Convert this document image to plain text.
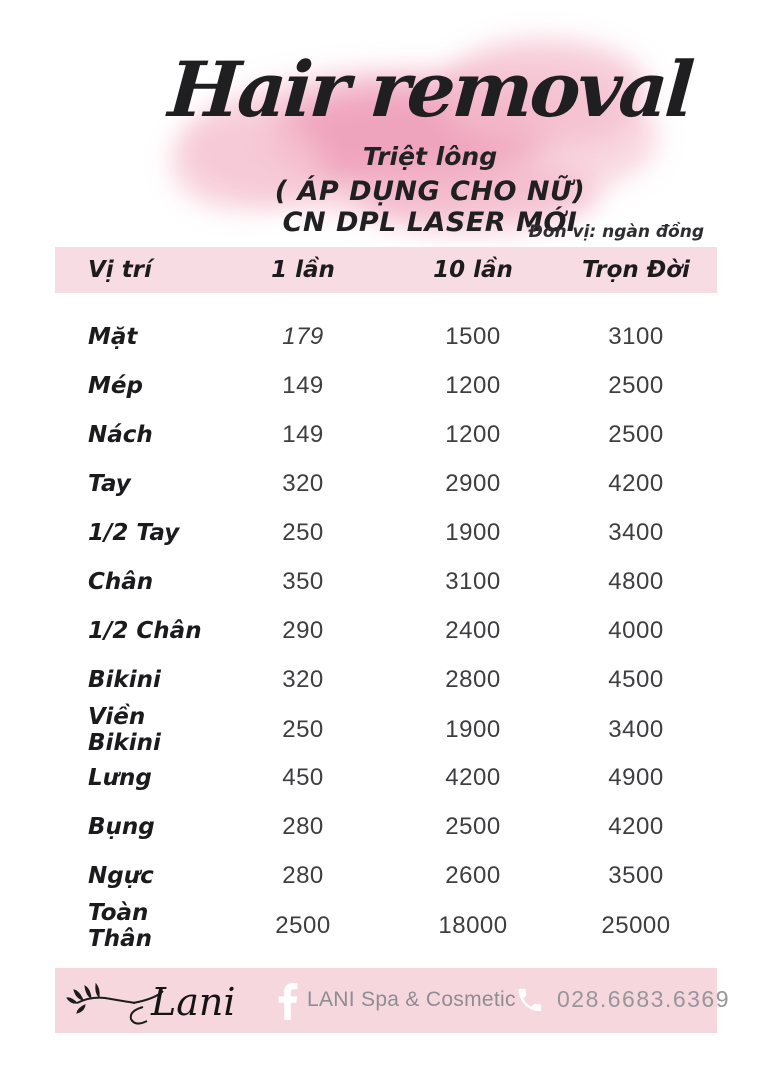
Hair removal
Triệt lông
( ÁP DỤNG CHO NỮ)
CN DPL LASER MỚI
Đơn vị: ngàn đồng
Vị trí	1 lần	10 lần	Trọn Đời
Mặt	179	1500	3100
Mép	149	1200	2500
Nách	149	1200	2500
Tay	320	2900	4200
1/2 Tay	250	1900	3400
Chân	350	3100	4800
1/2 Chân	290	2400	4000
Bikini	320	2800	4500
Viền Bikini	250	1900	3400
Lưng	450	4200	4900
Bụng	280	2500	4200
Ngực	280	2600	3500
Toàn Thân	2500	18000	25000
Lani	LANI Spa & Cosmetic 028.6683.6369
